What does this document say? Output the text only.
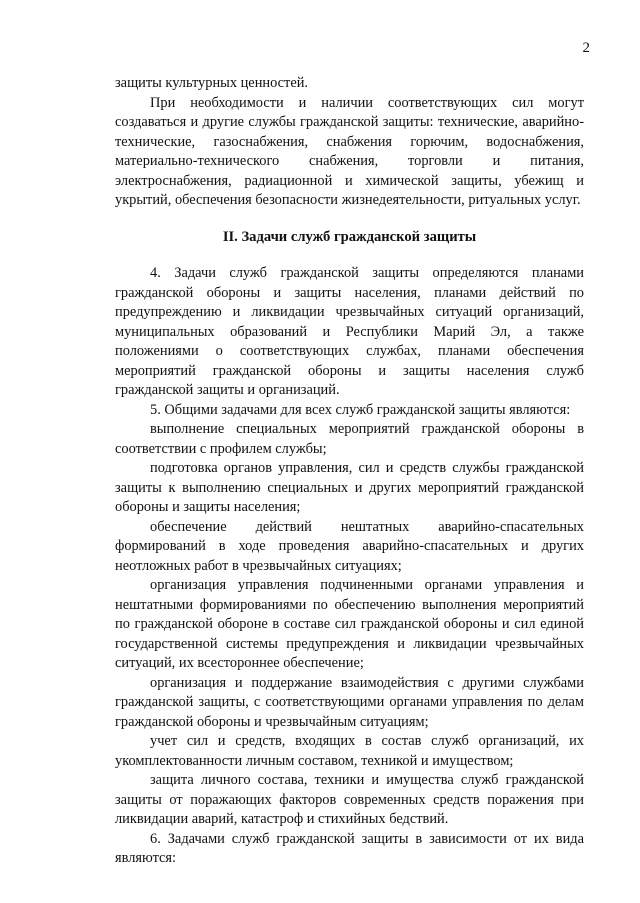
2

защиты культурных ценностей.

При необходимости и наличии соответствующих сил могут создаваться и другие службы гражданской защиты: технические, аварийно-технические, газоснабжения, снабжения горючим, водоснабжения, материально-технического снабжения, торговли и питания, электроснабжения, радиационной и химической защиты, убежищ и укрытий, обеспечения безопасности жизнедеятельности, ритуальных услуг.

II. Задачи служб гражданской защиты

4. Задачи служб гражданской защиты определяются планами гражданской обороны и защиты населения, планами действий по предупреждению и ликвидации чрезвычайных ситуаций организаций, муниципальных образований и Республики Марий Эл, а также положениями о соответствующих службах, планами обеспечения мероприятий гражданской обороны и защиты населения служб гражданской защиты и организаций.

5. Общими задачами для всех служб гражданской защиты являются:

выполнение специальных мероприятий гражданской обороны в соответствии с профилем службы;

подготовка органов управления, сил и средств службы гражданской защиты к выполнению специальных и других мероприятий гражданской обороны и защиты населения;

обеспечение действий нештатных аварийно-спасательных формирований в ходе проведения аварийно-спасательных и других неотложных работ в чрезвычайных ситуациях;

организация управления подчиненными органами управления и нештатными формированиями по обеспечению выполнения мероприятий по гражданской обороне в составе сил гражданской обороны и сил единой государственной системы предупреждения и ликвидации чрезвычайных ситуаций, их всестороннее обеспечение;

организация и поддержание взаимодействия с другими службами гражданской защиты, с соответствующими органами управления по делам гражданской обороны и чрезвычайным ситуациям;

учет сил и средств, входящих в состав служб организаций, их укомплектованности личным составом, техникой и имуществом;

защита личного состава, техники и имущества служб гражданской защиты от поражающих факторов современных средств поражения при ликвидации аварий, катастроф и стихийных бедствий.

6. Задачами служб гражданской защиты в зависимости от их вида являются:
